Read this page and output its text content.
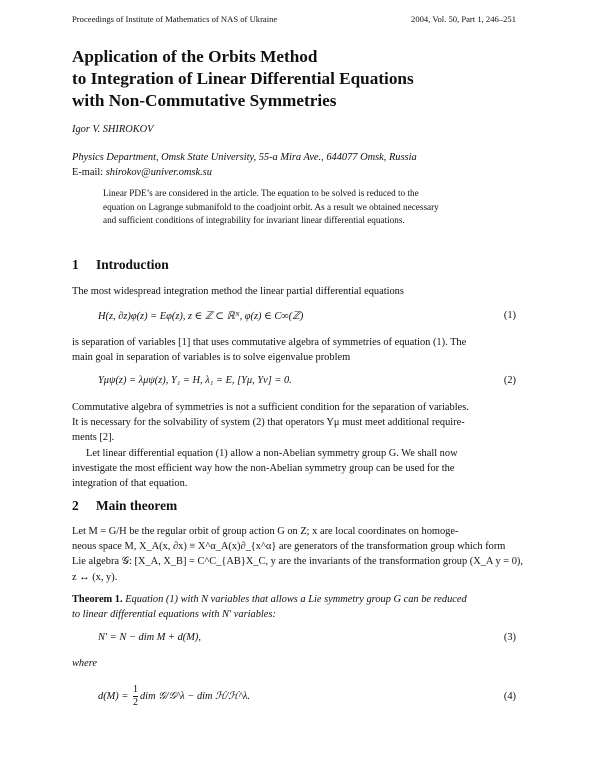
Proceedings of Institute of Mathematics of NAS of Ukraine	2004, Vol. 50, Part 1, 246–251
Application of the Orbits Method
to Integration of Linear Differential Equations
with Non-Commutative Symmetries
Igor V. SHIROKOV
Physics Department, Omsk State University, 55-a Mira Ave., 644077 Omsk, Russia
E-mail: shirokov@univer.omsk.su
Linear PDE’s are considered in the article. The equation to be solved is reduced to the
equation on Lagrange submanifold to the coadjoint orbit. As a result we obtained necessary
and sufficient conditions of integrability for invariant linear differential equations.
1 Introduction
The most widespread integration method the linear partial differential equations
H(z, ∂z)φ(z) = Eφ(z), z ∈ ℤ ⊂ ℝᴺ, φ(z) ∈ C∞(ℤ)	(1)
is separation of variables [1] that uses commutative algebra of symmetries of equation (1). The
main goal in separation of variables is to solve eigenvalue problem
Yμψ(z) = λμψ(z), Y₁ = H, λ₁ = E, [Yμ, Yν] = 0.	(2)
Commutative algebra of symmetries is not a sufficient condition for the separation of variables.
It is necessary for the solvability of system (2) that operators Yμ must meet additional require-
ments [2].
Let linear differential equation (1) allow a non-Abelian symmetry group G. We shall now
investigate the most efficient way how the non-Abelian symmetry group can be used for the
integration of that equation.
2 Main theorem
Let M = G/H be the regular orbit of group action G on Z; x are local coordinates on homoge-
neous space M, X_A(x, ∂x) ≡ X^α_A(x)∂_{x^α} are generators of the transformation group which form
Lie algebra 𝒢: [X_A, X_B] = C^C_{AB}X_C, y are the invariants of the transformation group (X_A y = 0),
z ↔ (x, y).
Theorem 1. Equation (1) with N variables that allows a Lie symmetry group G can be reduced
to linear differential equations with N′ variables:
N′ = N − dim M + d(M),	(3)
where
$d(M) = \frac{1}{2}$ dim 𝒢/𝒢^λ − dim ℋ/ℋ^λ.	(4)
